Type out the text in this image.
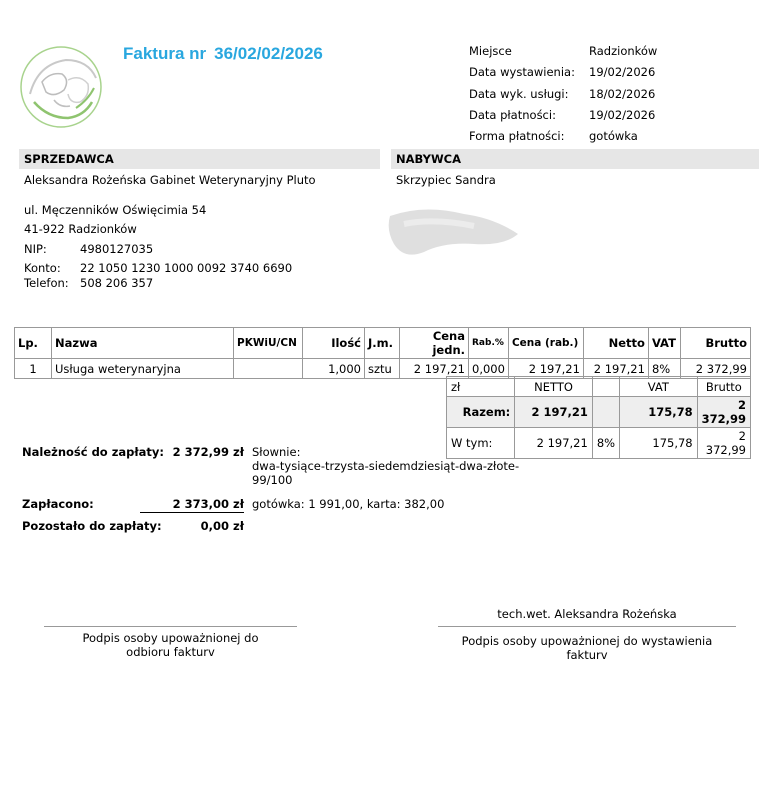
Faktura nr 36/02/02/2026	Miejsce	Radzionków
Data wystawienia: 19/02/2026
Data wyk. usługi: 18/02/2026
Data płatności:	19/02/2026
Forma płatności: gotówka
SPRZEDAWCA
Aleksandra Rożeńska Gabinet Weterynaryjny Pluto
ul. Męczenników Oświęcimia 54
41-922 Radzionków
NIP:	4980127035
Konto: 22 1050 1230 1000 0092 3740 6690
Telefon: 508 206 357
NABYWCA
Skrzypiec Sandra
Lp.	Nazwa	PKWiU/CN	Ilość	J.m.	Cena jedn.	Rab.%	Cena (rab.)	Netto	VAT	Brutto
1	Usługa weterynaryjna		1,000	sztu	2 197,21	0,000	2 197,21	2 197,21	8%	2 372,99
zł	NETTO		VAT	Brutto
Razem:	2 197,21		175,78	2 372,99
W tym:	2 197,21	8%	175,78	2 372,99
Należność do zapłaty: 2 372,99 zł Słownie:
dwa-tysiące-trzysta-siedemdziesiąt-dwa-złote-
99/100
Zapłacono:	2 373,00 zł gotówka: 1 991,00, karta: 382,00
Pozostało do zapłaty:	0,00 zł
Podpis osoby upoważnionej do
odbioru fakturv
tech.wet. Aleksandra Rożeńska
Podpis osoby upoważnionej do wystawienia
fakturv
